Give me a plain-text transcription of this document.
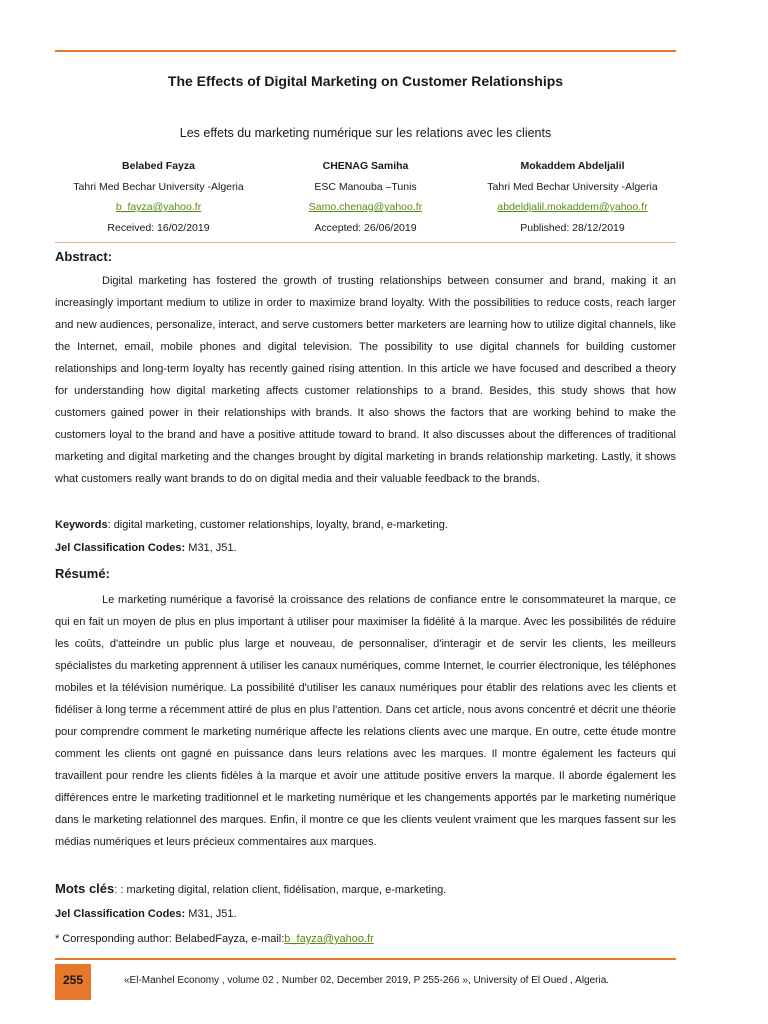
The Effects of Digital Marketing on Customer Relationships
Les effets du marketing numérique sur les relations avec les clients
Belabed Fayza
Tahri Med Bechar University -Algeria
b_fayza@yahoo.fr
Received: 16/02/2019
CHENAG Samiha
ESC Manouba –Tunis
Samo.chenag@yahoo.fr
Accepted: 26/06/2019
Mokaddem Abdeljalil
Tahri Med Bechar University -Algeria
abdeldjalil.mokaddem@yahoo.fr
Published: 28/12/2019
Abstract:

Digital marketing has fostered the growth of trusting relationships between consumer and brand, making it an increasingly important medium to utilize in order to maximize brand loyalty. With the possibilities to reduce costs, reach larger and new audiences, personalize, interact, and serve customers better marketers are learning how to utilize digital channels, like the Internet, email, mobile phones and digital television. The possibility to use digital channels for building customer relationships and long-term loyalty has recently gained rising attention. In this article we have focused and described a theory for understanding how digital marketing affects customer relationships to a brand. Besides, this study shows that how customers gained power in their relationships with brands. It also shows the factors that are working behind to make the customers loyal to the brand and have a positive attitude toward to brand. It also discusses about the differences of traditional marketing and digital marketing and the changes brought by digital marketing in brands relationship marketing. Lastly, it shows what customers really want brands to do on digital media and their valuable feedback to the brands.

Keywords: digital marketing, customer relationships, loyalty, brand, e-marketing.
Jel Classification Codes: M31, J51.
Résumé:

Le marketing numérique a favorisé la croissance des relations de confiance entre le consommateuret la marque, ce qui en fait un moyen de plus en plus important à utiliser pour maximiser la fidélité à la marque. Avec les possibilités de réduire les coûts, d'atteindre un public plus large et nouveau, de personnaliser, d'interagir et de servir les clients, les meilleurs spécialistes du marketing apprennent à utiliser les canaux numériques, comme Internet, le courrier électronique, les téléphones mobiles et la télévision numérique. La possibilité d'utiliser les canaux numériques pour établir des relations avec les clients et fidéliser à long terme a récemment attiré de plus en plus l'attention. Dans cet article, nous avons concentré et décrit une théorie pour comprendre comment le marketing numérique affecte les relations clients avec une marque. En outre, cette étude montre comment les clients ont gagné en puissance dans leurs relations avec les marques. Il montre également les facteurs qui travaillent pour rendre les clients fidèles à la marque et avoir une attitude positive envers la marque. Il aborde également les différences entre le marketing traditionnel et le marketing numérique et les changements apportés par le marketing numérique dans le marketing relationnel des marques. Enfin, il montre ce que les clients veulent vraiment que les marques fassent sur les médias numériques et leurs précieux commentaires aux marques.

Mots clés: : marketing digital, relation client, fidélisation, marque, e-marketing.
Jel Classification Codes: M31, J51.
* Corresponding author: BelabedFayza, e-mail:b_fayza@yahoo.fr
255	«El-Manhel Economy , volume 02 , Number 02, December 2019, P 255-266 », University of El Oued , Algeria.
